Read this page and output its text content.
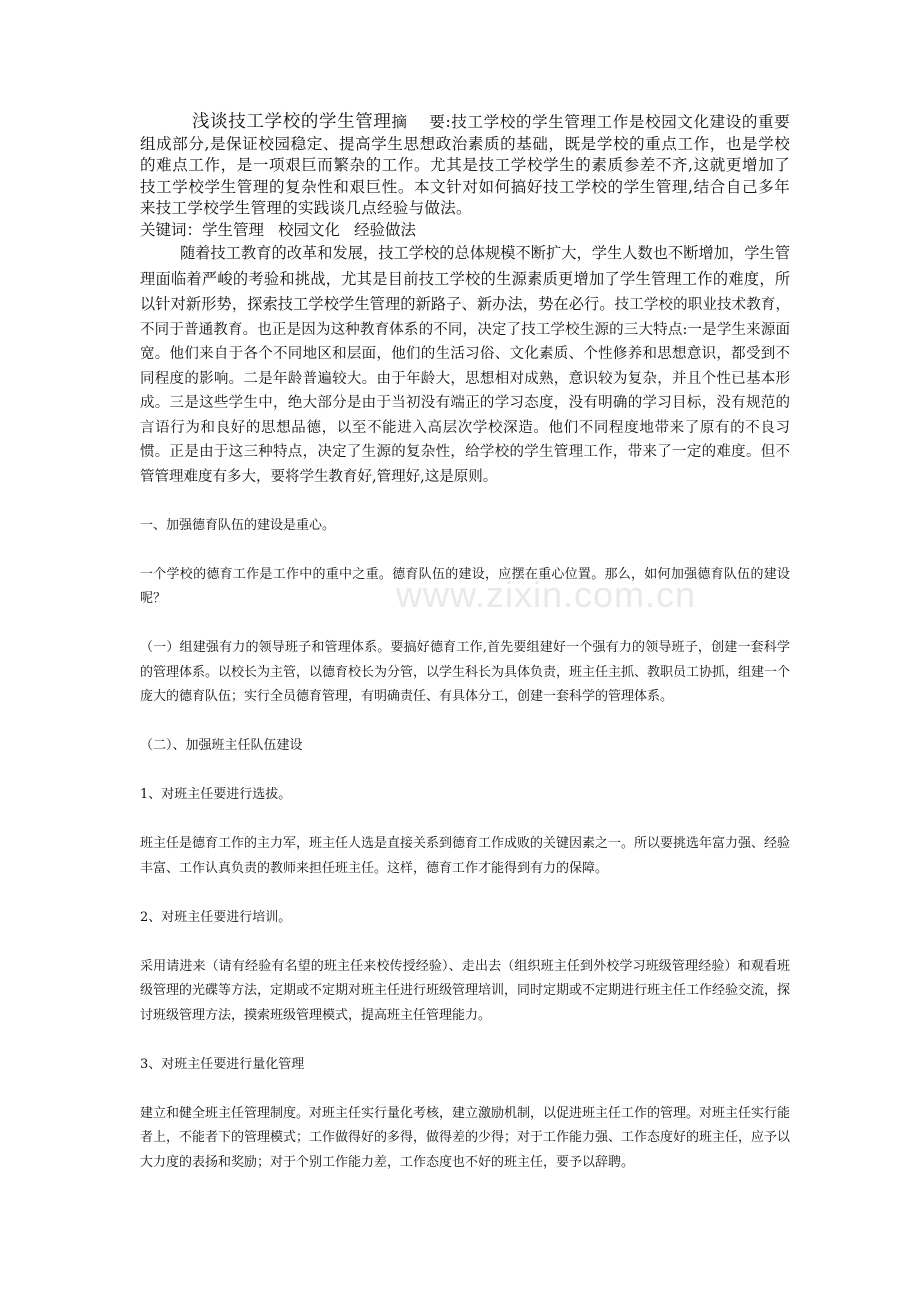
浅谈技工学校的学生管理摘　 要:技工学校的学生管理工作是校园文化建设的重要组成部分,是保证校园稳定、提高学生思想政治素质的基础，既是学校的重点工作，也是学校的难点工作，是一项艰巨而繁杂的工作。尤其是技工学校学生的素质参差不齐,这就更增加了技工学校学生管理的复杂性和艰巨性。本文针对如何搞好技工学校的学生管理,结合自己多年来技工学校学生管理的实践谈几点经验与做法。

关键词：学生管理 校园文化 经验做法

随着技工教育的改革和发展，技工学校的总体规模不断扩大，学生人数也不断增加，学生管理面临着严峻的考验和挑战，尤其是目前技工学校的生源素质更增加了学生管理工作的难度，所以针对新形势，探索技工学校学生管理的新路子、新办法，势在必行。技工学校的职业技术教育，不同于普通教育。也正是因为这种教育体系的不同，决定了技工学校生源的三大特点:一是学生来源面宽。他们来自于各个不同地区和层面，他们的生活习俗、文化素质、个性修养和思想意识，都受到不同程度的影响。二是年龄普遍较大。由于年龄大，思想相对成熟，意识较为复杂，并且个性已基本形成。三是这些学生中，绝大部分是由于当初没有端正的学习态度，没有明确的学习目标，没有规范的言语行为和良好的思想品德，以至不能进入高层次学校深造。他们不同程度地带来了原有的不良习惯。正是由于这三种特点，决定了生源的复杂性，给学校的学生管理工作，带来了一定的难度。但不管管理难度有多大，要将学生教育好,管理好,这是原则。

一、加强德育队伍的建设是重心。

一个学校的德育工作是工作中的重中之重。德育队伍的建设，应摆在重心位置。那么，如何加强德育队伍的建设呢？

（一）组建强有力的领导班子和管理体系。要搞好德育工作,首先要组建好一个强有力的领导班子，创建一套科学的管理体系。以校长为主管，以德育校长为分管，以学生科长为具体负责，班主任主抓、教职员工协抓，组建一个庞大的德育队伍；实行全员德育管理，有明确责任、有具体分工，创建一套科学的管理体系。

（二）、加强班主任队伍建设

1、对班主任要进行选拔。

班主任是德育工作的主力军，班主任人选是直接关系到德育工作成败的关键因素之一。所以要挑选年富力强、经验丰富、工作认真负责的教师来担任班主任。这样，德育工作才能得到有力的保障。

2、对班主任要进行培训。

采用请进来（请有经验有名望的班主任来校传授经验）、走出去（组织班主任到外校学习班级管理经验）和观看班级管理的光碟等方法，定期或不定期对班主任进行班级管理培训，同时定期或不定期进行班主任工作经验交流，探讨班级管理方法，摸索班级管理模式，提高班主任管理能力。

3、对班主任要进行量化管理

建立和健全班主任管理制度。对班主任实行量化考核，建立激励机制，以促进班主任工作的管理。对班主任实行能者上，不能者下的管理模式；工作做得好的多得，做得差的少得；对于工作能力强、工作态度好的班主任，应予以大力度的表扬和奖励；对于个别工作能力差，工作态度也不好的班主任，要予以辞聘。

www.zixin.com.cn
